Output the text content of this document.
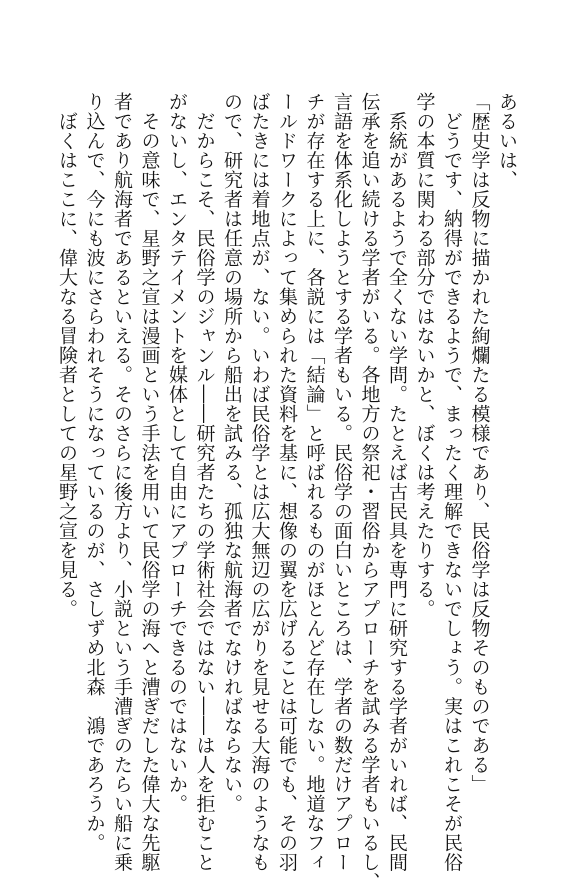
あるいは、

「歴史学は反物に描かれた絢爛たる模様であり、民俗学は反物そのものである」

　どうです、納得ができるようで、まったく理解できないでしょう。実はこれこそが民俗

学の本質に関わる部分ではないかと、ぼくは考えたりする。

　系統があるようで全くない学問。たとえば古民具を専門に研究する学者がいれば、民間

伝承を追い続ける学者がいる。各地方の祭祀・習俗からアプローチを試みる学者もいるし、

言語を体系化しようとする学者もいる。民俗学の面白いところは、学者の数だけアプロー

チが存在する上に、各説には「結論」と呼ばれるものがほとんど存在しない。地道なフィ

ールドワークによって集められた資料を基に、想像の翼を広げることは可能でも、その羽

ばたきには着地点が、ない。いわば民俗学とは広大無辺の広がりを見せる大海のようなも

ので、研究者は任意の場所から船出を試みる、孤独な航海者でなければならない。

　だからこそ、民俗学のジャンル――研究者たちの学術社会ではない――は人を拒むこと

がないし、エンタテイメントを媒体として自由にアプローチできるのではないか。

　その意味で、星野之宣は漫画という手法を用いて民俗学の海へと漕ぎだした偉大な先駆

者であり航海者であるといえる。そのさらに後方より、小説という手漕ぎのたらい船に乗

り込んで、今にも波にさらわれそうになっているのが、さしずめ北森　鴻であろうか。

　ぼくはここに、偉大なる冒険者としての星野之宣を見る。
